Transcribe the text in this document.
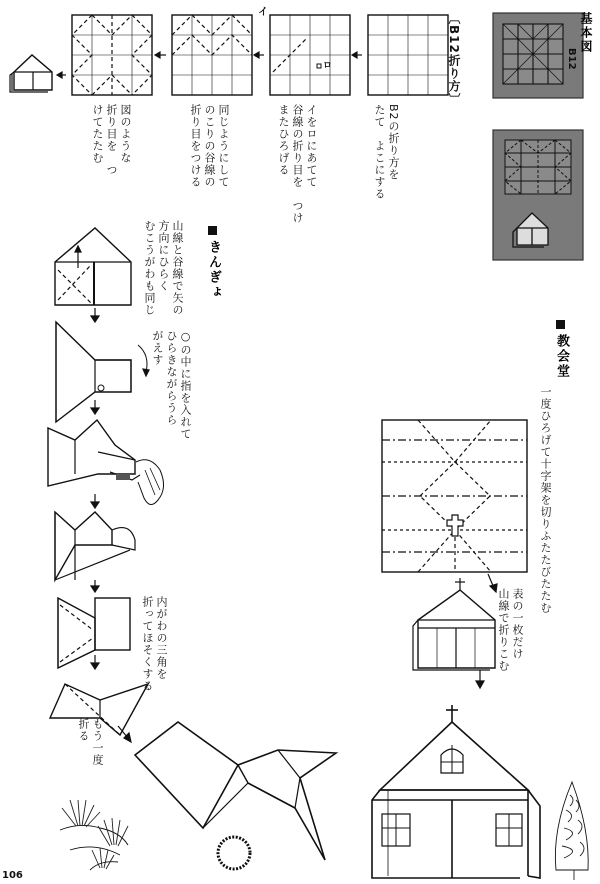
基本図
B12
〔B12折り方〕
B2の折り方を
たて　よこにする
イをロにあてて
谷線の折り目を　つけ
またひろげる
同じようにして
のこりの谷線の
折り目をつける
図のような
折り目を　つ
けてたたむ
イ
ロ
きんぎょ
山線と谷線で矢の
方向にひらく
むこうがわも同じ
○の中に指を入れて
ひらきながらうら
がえす
内がわの三角を
折ってほそくする
もう一度
折る
教会堂
一度ひろげて十字架を切りふたたびたたむ
表の一枚だけ
山線で折りこむ
106
